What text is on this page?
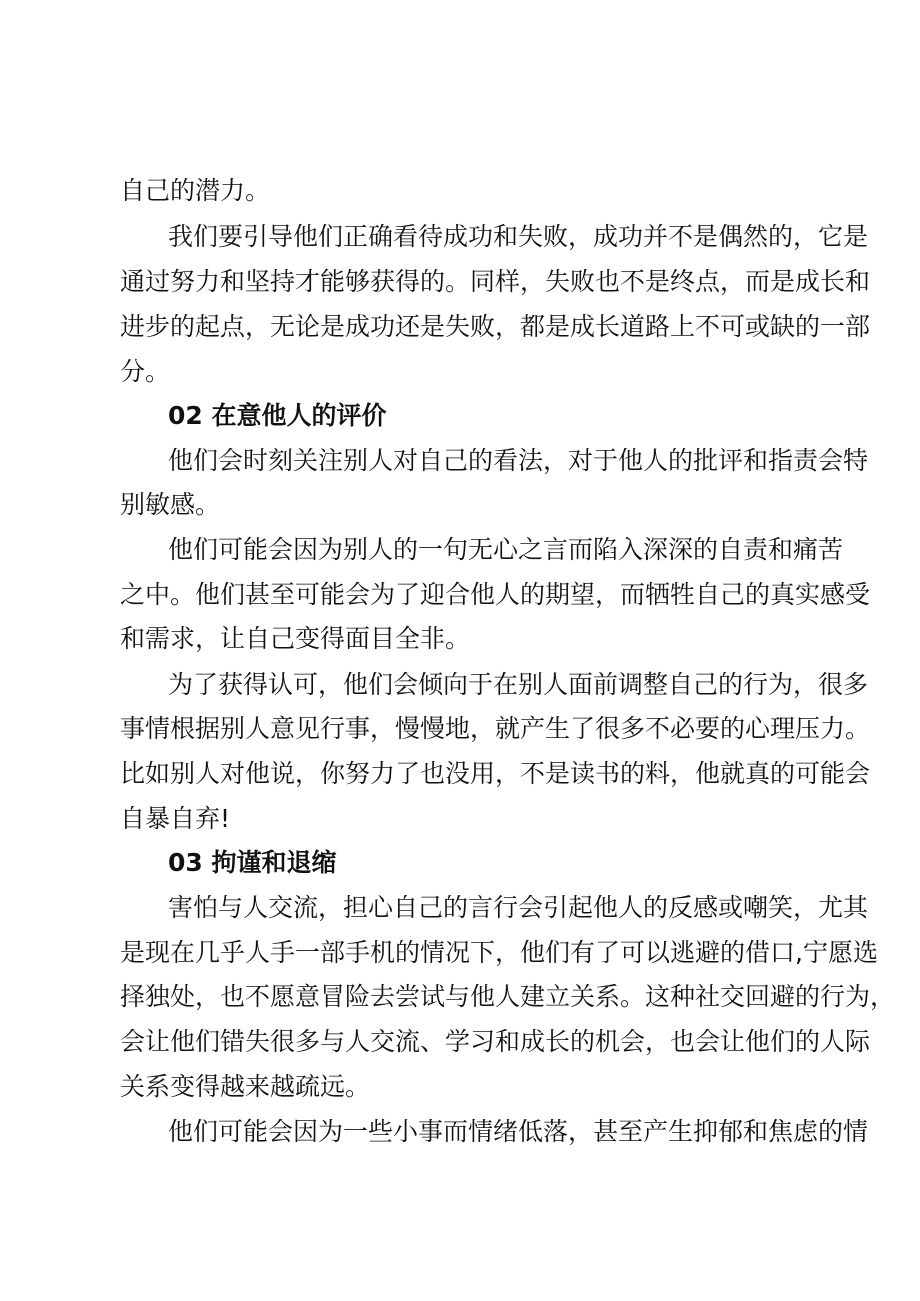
自己的潜力。
我们要引导他们正确看待成功和失败，成功并不是偶然的，它是
通过努力和坚持才能够获得的。同样，失败也不是终点，而是成长和
进步的起点，无论是成功还是失败，都是成长道路上不可或缺的一部
分。
02 在意他人的评价
他们会时刻关注别人对自己的看法，对于他人的批评和指责会特
别敏感。
他们可能会因为别人的一句无心之言而陷入深深的自责和痛苦
之中。他们甚至可能会为了迎合他人的期望，而牺牲自己的真实感受
和需求，让自己变得面目全非。
为了获得认可，他们会倾向于在别人面前调整自己的行为，很多
事情根据别人意见行事，慢慢地，就产生了很多不必要的心理压力。
比如别人对他说，你努力了也没用，不是读书的料，他就真的可能会
自暴自弃!
03 拘谨和退缩
害怕与人交流，担心自己的言行会引起他人的反感或嘲笑，尤其
是现在几乎人手一部手机的情况下，他们有了可以逃避的借口,宁愿选
择独处，也不愿意冒险去尝试与他人建立关系。这种社交回避的行为，
会让他们错失很多与人交流、学习和成长的机会，也会让他们的人际
关系变得越来越疏远。
他们可能会因为一些小事而情绪低落，甚至产生抑郁和焦虑的情
